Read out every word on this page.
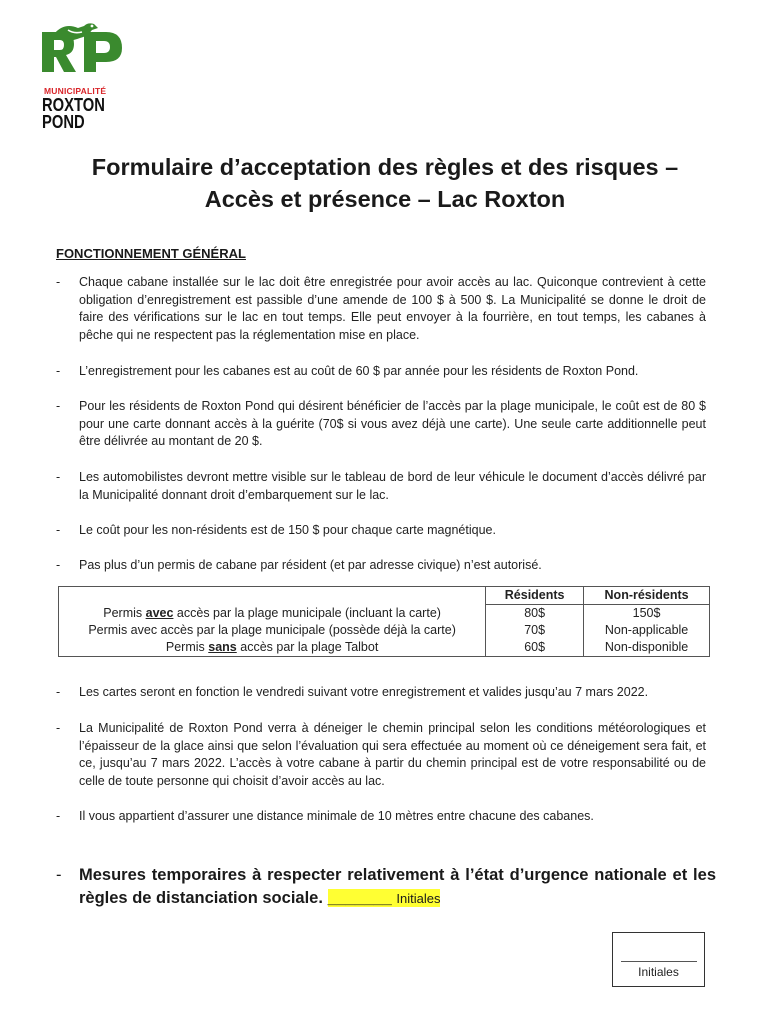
MUNICIPALITÉ
ROXTON
POND
Formulaire d’acceptation des règles et des risques –
Accès et présence – Lac Roxton
FONCTIONNEMENT GÉNÉRAL
- Chaque cabane installée sur le lac doit être enregistrée pour avoir accès au lac. Quiconque contrevient à cette obligation d’enregistrement est passible d’une amende de 100 $ à 500 $. La Municipalité se donne le droit de faire des vérifications sur le lac en tout temps. Elle peut envoyer à la fourrière, en tout temps, les cabanes à pêche qui ne respectent pas la réglementation mise en place.
- L’enregistrement pour les cabanes est au coût de 60 $ par année pour les résidents de Roxton Pond.
- Pour les résidents de Roxton Pond qui désirent bénéficier de l’accès par la plage municipale, le coût est de 80 $ pour une carte donnant accès à la guérite (70$ si vous avez déjà une carte). Une seule carte additionnelle peut être délivrée au montant de 20 $.
- Les automobilistes devront mettre visible sur le tableau de bord de leur véhicule le document d’accès délivré par la Municipalité donnant droit d’embarquement sur le lac.
- Le coût pour les non-résidents est de 150 $ pour chaque carte magnétique.
- Pas plus d’un permis de cabane par résident (et par adresse civique) n’est autorisé.
	Résidents	Non-résidents
Permis avec accès par la plage municipale (incluant la carte)	80$	150$
Permis avec accès par la plage municipale (possède déjà la carte)	70$	Non-applicable
Permis sans accès par la plage Talbot	60$	Non-disponible
- Les cartes seront en fonction le vendredi suivant votre enregistrement et valides jusqu’au 7 mars 2022.
- La Municipalité de Roxton Pond verra à déneiger le chemin principal selon les conditions météorologiques et l’épaisseur de la glace ainsi que selon l’évaluation qui sera effectuée au moment où ce déneigement sera fait, et ce, jusqu’au 7 mars 2022. L’accès à votre cabane à partir du chemin principal est de votre responsabilité ou de celle de toute personne qui choisit d’avoir accès au lac.
- Il vous appartient d’assurer une distance minimale de 10 mètres entre chacune des cabanes.
- Mesures temporaires à respecter relativement à l’état d’urgence nationale et les règles de distanciation sociale. _______ Initiales
Initiales
